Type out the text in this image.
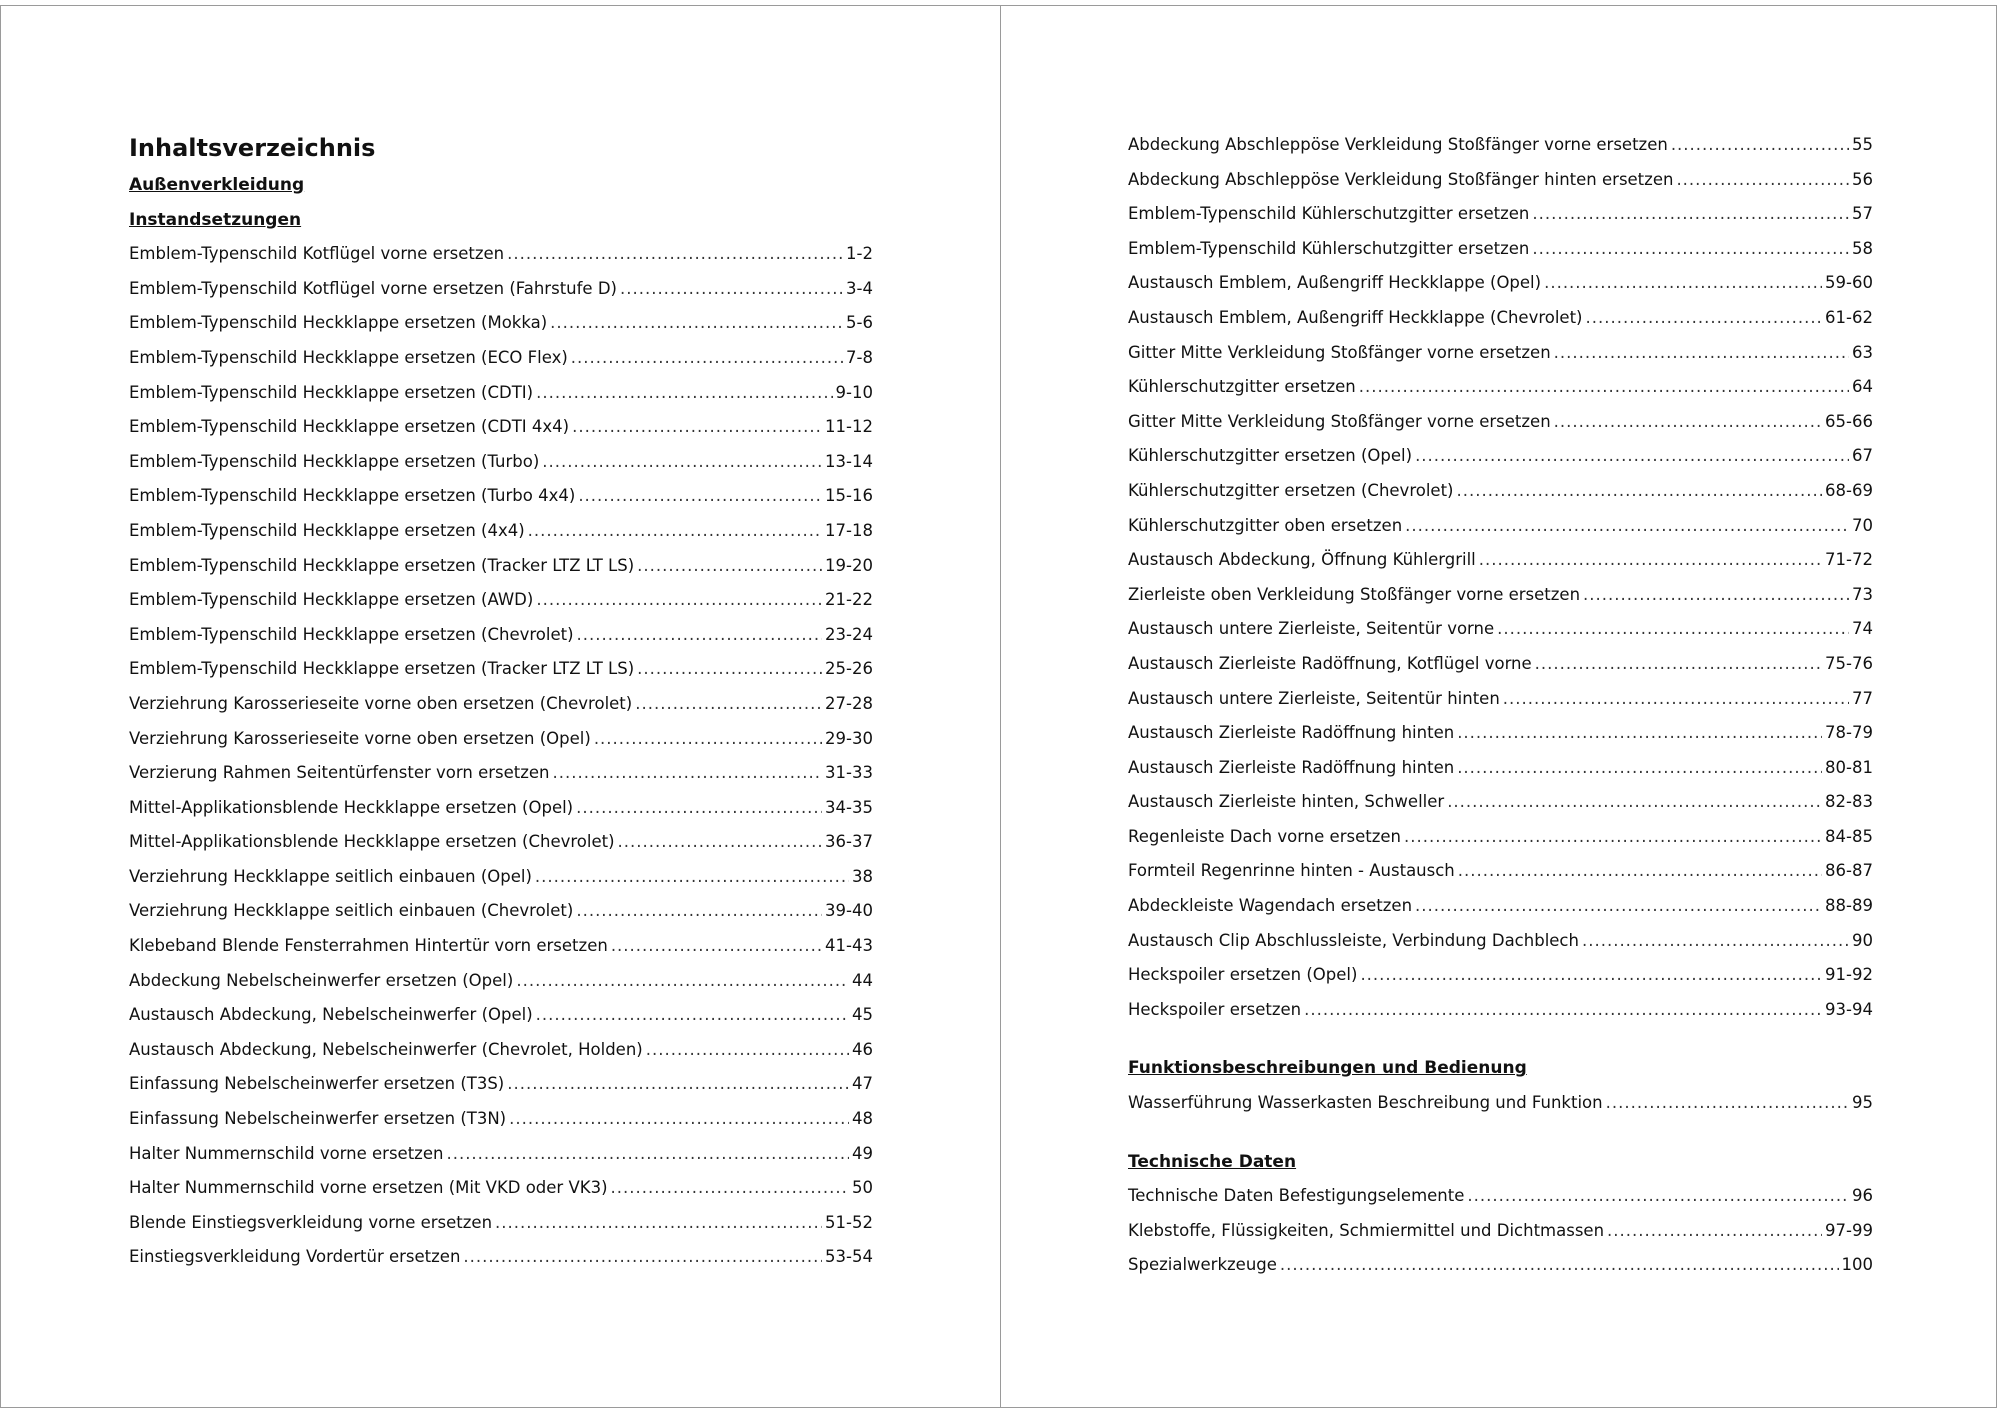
Inhaltsverzeichnis
Außenverkleidung
Instandsetzungen
Emblem-Typenschild Kotflügel vorne ersetzen .....	1-2
Emblem-Typenschild Kotflügel vorne ersetzen (Fahrstufe D) .....	3-4
Emblem-Typenschild Heckklappe ersetzen (Mokka) .....	5-6
Emblem-Typenschild Heckklappe ersetzen (ECO Flex) .....	7-8
Emblem-Typenschild Heckklappe ersetzen (CDTI) .....	9-10
Emblem-Typenschild Heckklappe ersetzen (CDTI 4x4) .....	11-12
Emblem-Typenschild Heckklappe ersetzen (Turbo) .....	13-14
Emblem-Typenschild Heckklappe ersetzen (Turbo 4x4) .....	15-16
Emblem-Typenschild Heckklappe ersetzen (4x4) .....	17-18
Emblem-Typenschild Heckklappe ersetzen (Tracker LTZ LT LS) .....	19-20
Emblem-Typenschild Heckklappe ersetzen (AWD) .....	21-22
Emblem-Typenschild Heckklappe ersetzen (Chevrolet) .....	23-24
Emblem-Typenschild Heckklappe ersetzen (Tracker LTZ LT LS) .....	25-26
Verziehrung Karosserieseite vorne oben ersetzen (Chevrolet) .....	27-28
Verziehrung Karosserieseite vorne oben ersetzen (Opel) .....	29-30
Verzierung Rahmen Seitentürfenster vorn ersetzen .....	31-33
Mittel-Applikationsblende Heckklappe ersetzen (Opel) .....	34-35
Mittel-Applikationsblende Heckklappe ersetzen (Chevrolet) .....	36-37
Verziehrung Heckklappe seitlich einbauen (Opel) .....	38
Verziehrung Heckklappe seitlich einbauen (Chevrolet) .....	39-40
Klebeband Blende Fensterrahmen Hintertür vorn ersetzen .....	41-43
Abdeckung Nebelscheinwerfer ersetzen (Opel) .....	44
Austausch Abdeckung, Nebelscheinwerfer (Opel) .....	45
Austausch Abdeckung, Nebelscheinwerfer (Chevrolet, Holden) .....	46
Einfassung Nebelscheinwerfer ersetzen (T3S) .....	47
Einfassung Nebelscheinwerfer ersetzen (T3N) .....	48
Halter Nummernschild vorne ersetzen .....	49
Halter Nummernschild vorne ersetzen (Mit VKD oder VK3) .....	50
Blende Einstiegsverkleidung vorne ersetzen .....	51-52
Einstiegsverkleidung Vordertür ersetzen .....	53-54
Abdeckung Abschleppöse Verkleidung Stoßfänger vorne ersetzen .....	55
Abdeckung Abschleppöse Verkleidung Stoßfänger hinten ersetzen .....	56
Emblem-Typenschild Kühlerschutzgitter ersetzen .....	57
Emblem-Typenschild Kühlerschutzgitter ersetzen .....	58
Austausch Emblem, Außengriff Heckklappe (Opel) .....	59-60
Austausch Emblem, Außengriff Heckklappe (Chevrolet) .....	61-62
Gitter Mitte Verkleidung Stoßfänger vorne ersetzen .....	63
Kühlerschutzgitter ersetzen .....	64
Gitter Mitte Verkleidung Stoßfänger vorne ersetzen .....	65-66
Kühlerschutzgitter ersetzen (Opel) .....	67
Kühlerschutzgitter ersetzen (Chevrolet) .....	68-69
Kühlerschutzgitter oben ersetzen .....	70
Austausch Abdeckung, Öffnung Kühlergrill .....	71-72
Zierleiste oben Verkleidung Stoßfänger vorne ersetzen .....	73
Austausch untere Zierleiste, Seitentür vorne .....	74
Austausch Zierleiste Radöffnung, Kotflügel vorne .....	75-76
Austausch untere Zierleiste, Seitentür hinten .....	77
Austausch Zierleiste Radöffnung hinten .....	78-79
Austausch Zierleiste Radöffnung hinten .....	80-81
Austausch Zierleiste hinten, Schweller .....	82-83
Regenleiste Dach vorne ersetzen .....	84-85
Formteil Regenrinne hinten - Austausch .....	86-87
Abdeckleiste Wagendach ersetzen .....	88-89
Austausch Clip Abschlussleiste, Verbindung Dachblech .....	90
Heckspoiler ersetzen (Opel) .....	91-92
Heckspoiler ersetzen .....	93-94
Funktionsbeschreibungen und Bedienung
Wasserführung Wasserkasten Beschreibung und Funktion .....	95
Technische Daten
Technische Daten Befestigungselemente .....	96
Klebstoffe, Flüssigkeiten, Schmiermittel und Dichtmassen .....	97-99
Spezialwerkzeuge .....	100
